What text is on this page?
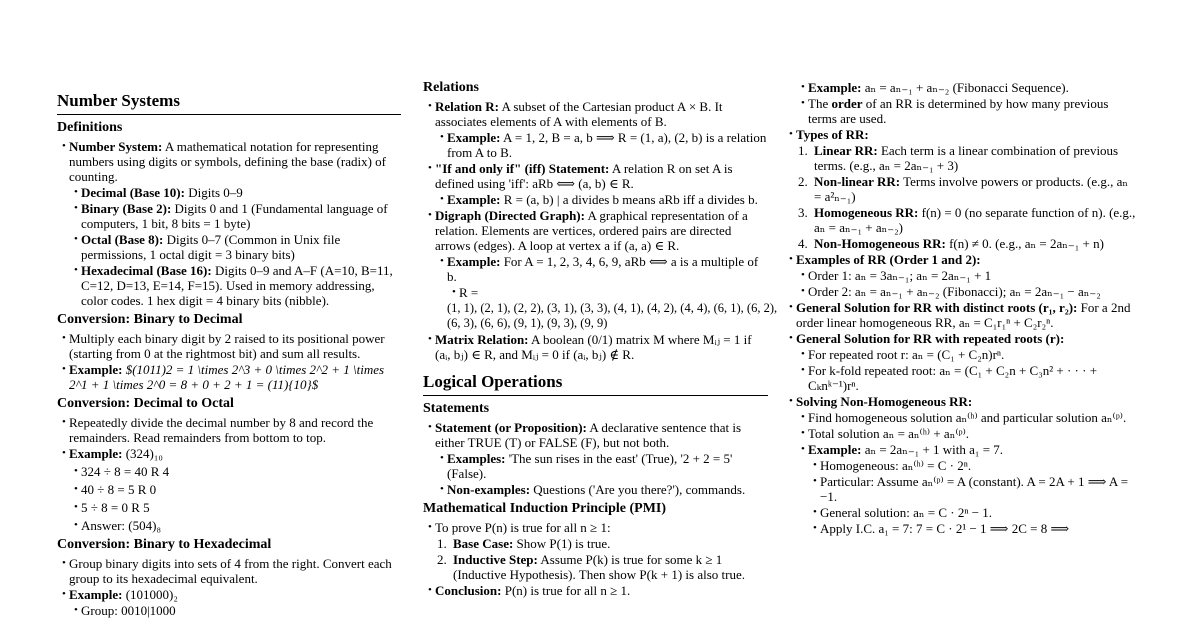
Number Systems
Definitions
• Number System: A mathematical notation for representing numbers using digits or symbols, defining the base (radix) of counting.
• Decimal (Base 10): Digits 0–9
• Binary (Base 2): Digits 0 and 1 (Fundamental language of computers, 1 bit, 8 bits = 1 byte)
• Octal (Base 8): Digits 0–7 (Common in Unix file permissions, 1 octal digit = 3 binary bits)
• Hexadecimal (Base 16): Digits 0–9 and A–F (A=10, B=11, C=12, D=13, E=14, F=15). Used in memory addressing, color codes. 1 hex digit = 4 binary bits (nibble).
Conversion: Binary to Decimal
• Multiply each binary digit by 2 raised to its positional power (starting from 0 at the rightmost bit) and sum all results.
• Example: $(1011)2 = 1 \times 2^3 + 0 \times 2^2 + 1 \times 2^1 + 1 \times 2^0 = 8 + 0 + 2 + 1 = (11){10}$
Conversion: Decimal to Octal
• Repeatedly divide the decimal number by 8 and record the remainders. Read remainders from bottom to top.
• Example: (324)₁₀
• 324 ÷ 8 = 40 R 4
• 40 ÷ 8 = 5 R 0
• 5 ÷ 8 = 0 R 5
• Answer: (504)₈
Conversion: Binary to Hexadecimal
• Group binary digits into sets of 4 from the right. Convert each group to its hexadecimal equivalent.
• Example: (101000)₂
• Group: 0010|1000
Relations
• Relation R: A subset of the Cartesian product A × B. It associates elements of A with elements of B.
• Example: A = 1, 2, B = a, b ⟹ R = (1, a), (2, b) is a relation from A to B.
• "If and only if" (iff) Statement: A relation R on set A is defined using 'iff': aRb ⟺ (a, b) ∈ R.
• Example: R = (a, b) | a divides b means aRb iff a divides b.
• Digraph (Directed Graph): A graphical representation of a relation. Elements are vertices, ordered pairs are directed arrows (edges). A loop at vertex a if (a, a) ∈ R.
• Example: For A = 1, 2, 3, 4, 6, 9, aRb ⟺ a is a multiple of b.
• R =
(1, 1), (2, 1), (2, 2), (3, 1), (3, 3), (4, 1), (4, 2), (4, 4), (6, 1), (6, 2), (6, 3), (6, 6), (9, 1), (9, 3), (9, 9)
• Matrix Relation: A boolean (0/1) matrix M where Mᵢⱼ = 1 if (aᵢ, bⱼ) ∈ R, and Mᵢⱼ = 0 if (aᵢ, bⱼ) ∉ R.
Logical Operations
Statements
• Statement (or Proposition): A declarative sentence that is either TRUE (T) or FALSE (F), but not both.
• Examples: 'The sun rises in the east' (True), '2 + 2 = 5' (False).
• Non-examples: Questions ('Are you there?'), commands.
Mathematical Induction Principle (PMI)
• To prove P(n) is true for all n ≥ 1:
1. Base Case: Show P(1) is true.
2. Inductive Step: Assume P(k) is true for some k ≥ 1 (Inductive Hypothesis). Then show P(k + 1) is also true.
• Conclusion: P(n) is true for all n ≥ 1.
• Example: aₙ = aₙ₋₁ + aₙ₋₂ (Fibonacci Sequence).
• The order of an RR is determined by how many previous terms are used.
• Types of RR:
1. Linear RR: Each term is a linear combination of previous terms. (e.g., aₙ = 2aₙ₋₁ + 3)
2. Non-linear RR: Terms involve powers or products. (e.g., aₙ = a²ₙ₋₁)
3. Homogeneous RR: f(n) = 0 (no separate function of n). (e.g., aₙ = aₙ₋₁ + aₙ₋₂)
4. Non-Homogeneous RR: f(n) ≠ 0. (e.g., aₙ = 2aₙ₋₁ + n)
• Examples of RR (Order 1 and 2):
• Order 1: aₙ = 3aₙ₋₁; aₙ = 2aₙ₋₁ + 1
• Order 2: aₙ = aₙ₋₁ + aₙ₋₂ (Fibonacci); aₙ = 2aₙ₋₁ − aₙ₋₂
• General Solution for RR with distinct roots (r₁, r₂): For a 2nd order linear homogeneous RR, aₙ = C₁r₁ⁿ + C₂r₂ⁿ.
• General Solution for RR with repeated roots (r):
• For repeated root r: aₙ = (C₁ + C₂n)rⁿ.
• For k-fold repeated root: aₙ = (C₁ + C₂n + C₃n² + · · · + Cₖnᵏ⁻¹)rⁿ.
• Solving Non-Homogeneous RR:
• Find homogeneous solution aₙ⁽ʰ⁾ and particular solution aₙ⁽ᵖ⁾.
• Total solution aₙ = aₙ⁽ʰ⁾ + aₙ⁽ᵖ⁾.
• Example: aₙ = 2aₙ₋₁ + 1 with a₁ = 7.
• Homogeneous: aₙ⁽ʰ⁾ = C · 2ⁿ.
• Particular: Assume aₙ⁽ᵖ⁾ = A (constant). A = 2A + 1 ⟹ A = −1.
• General solution: aₙ = C · 2ⁿ − 1.
• Apply I.C. a₁ = 7: 7 = C · 2¹ − 1 ⟹ 2C = 8 ⟹
